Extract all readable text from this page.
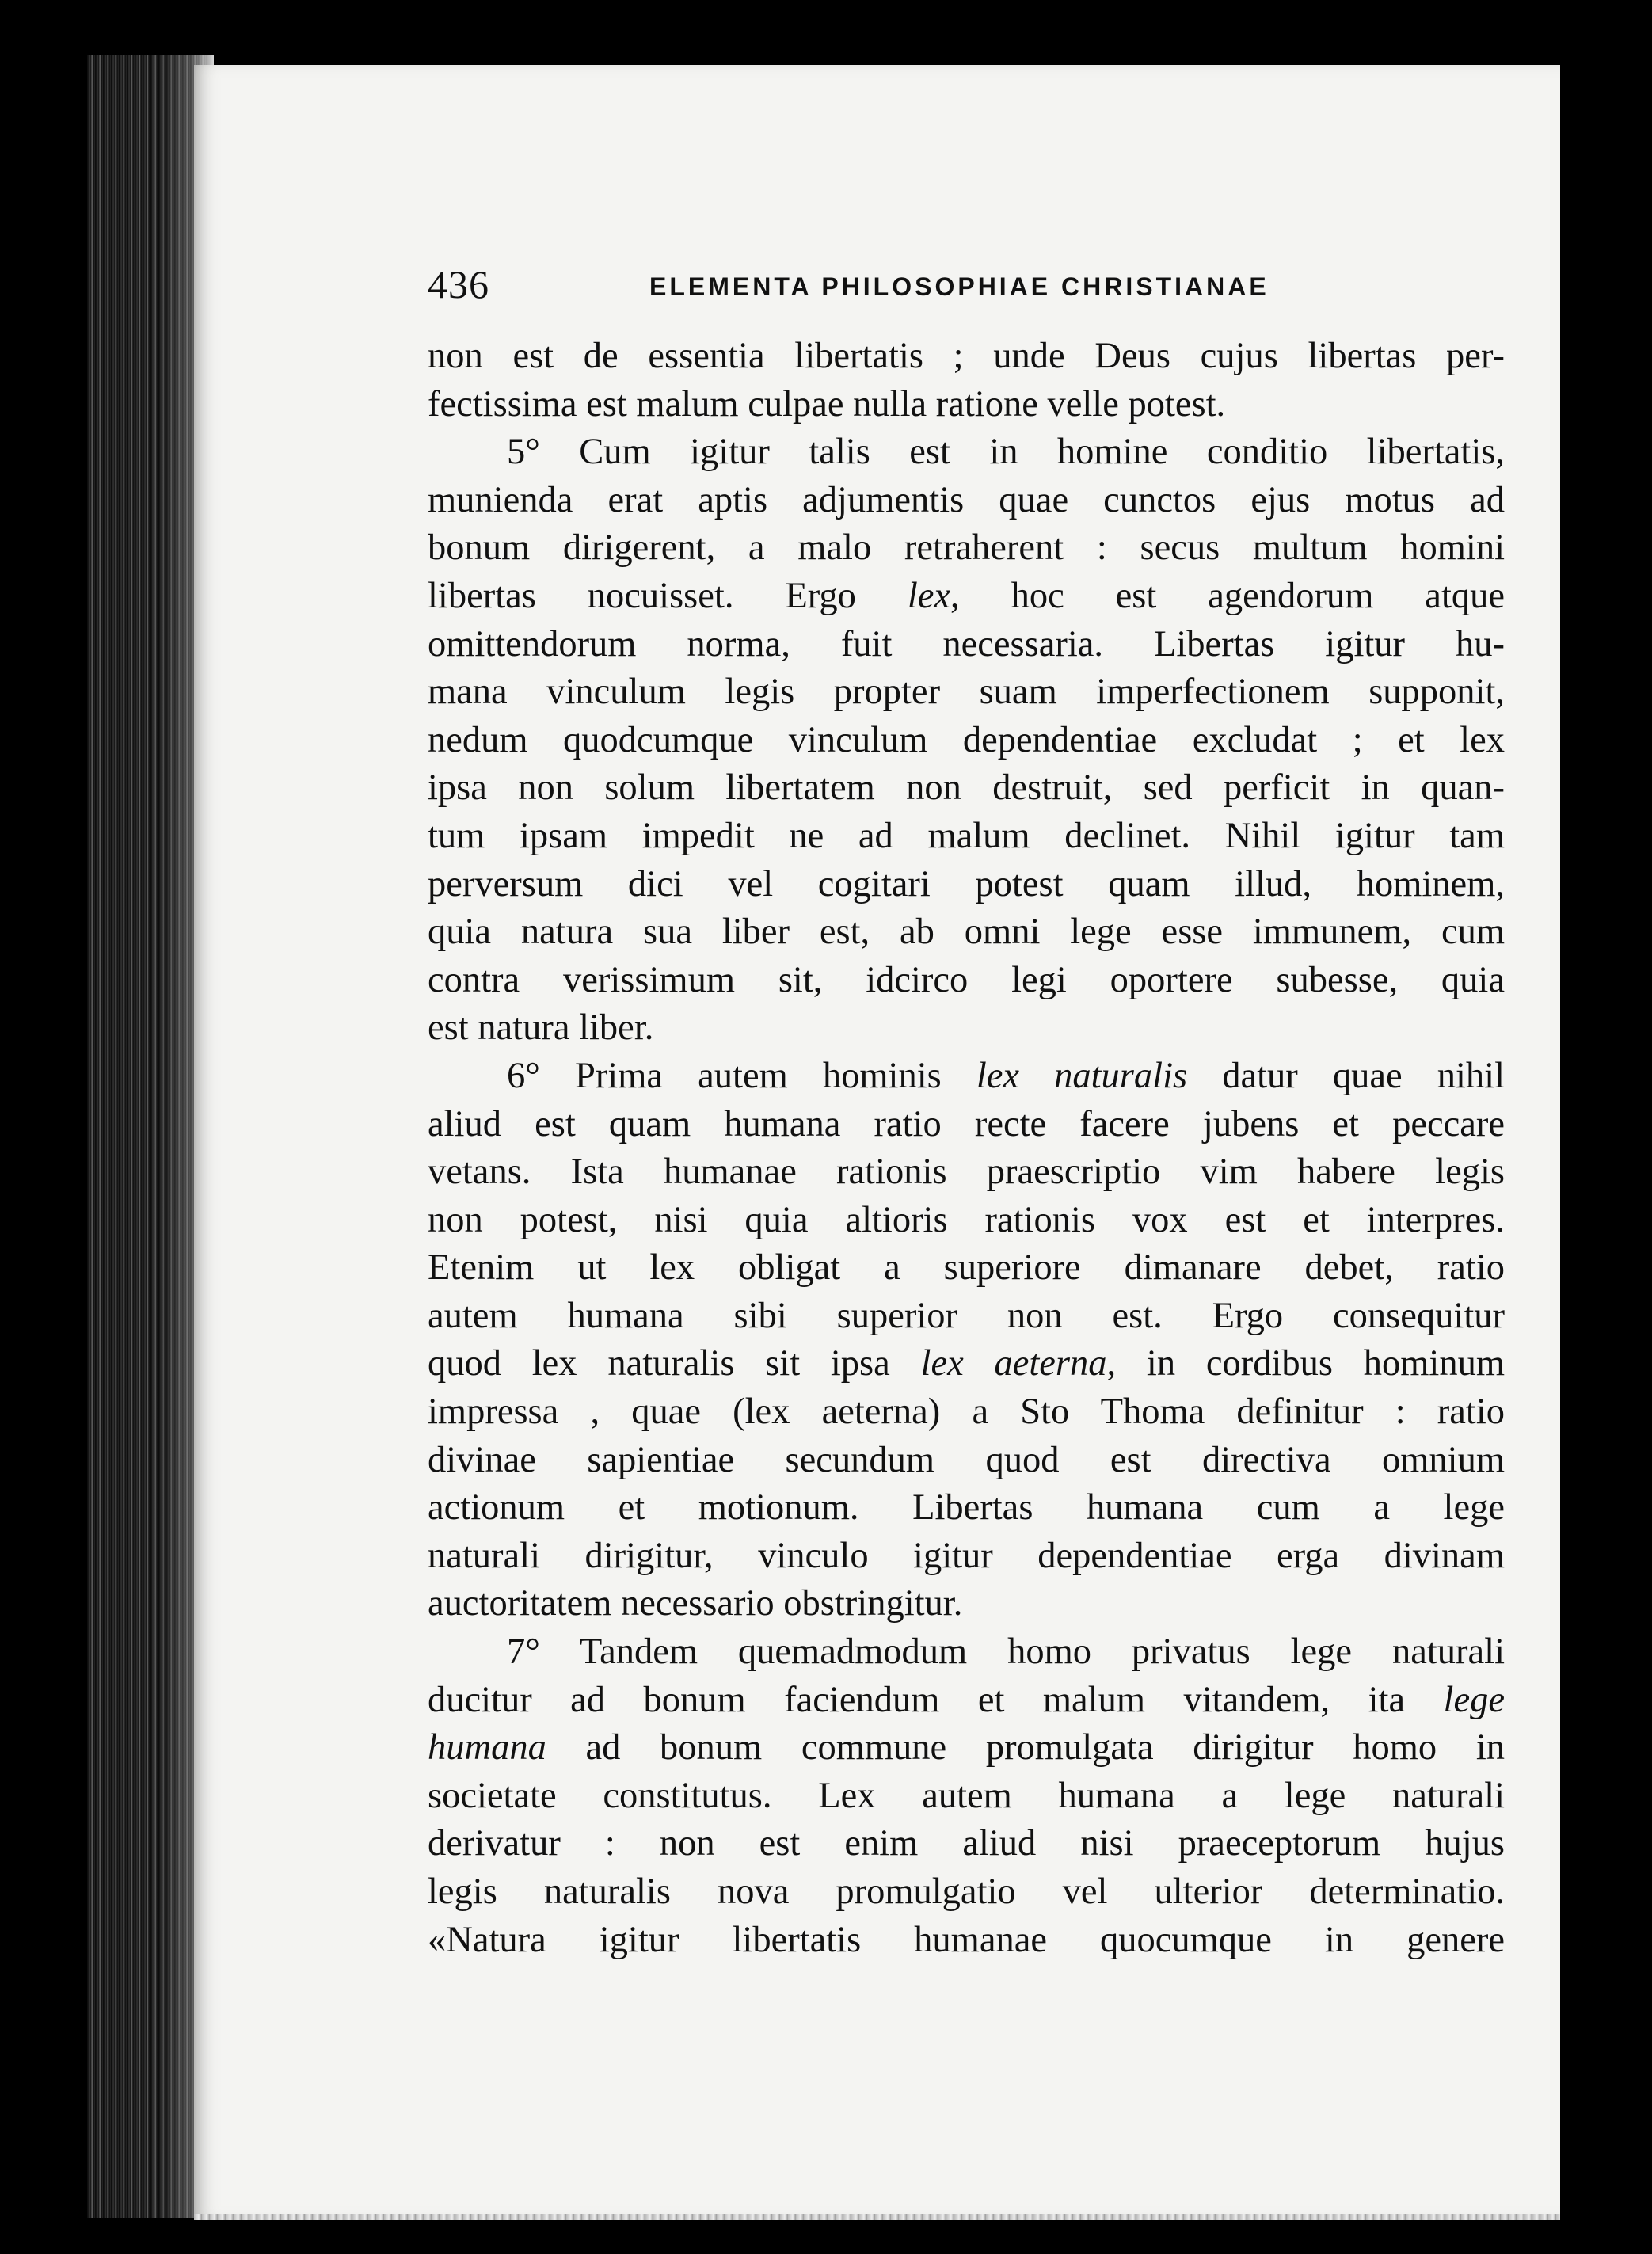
436	ELEMENTA PHILOSOPHIAE CHRISTIANAE
non est de essentia libertatis ; unde Deus cujus libertas per-
fectissima est malum culpae nulla ratione velle potest.
5° Cum igitur talis est in homine conditio libertatis,
munienda erat aptis adjumentis quae cunctos ejus motus ad
bonum dirigerent, a malo retraherent : secus multum homini
libertas nocuisset. Ergo lex, hoc est agendorum atque
omittendorum norma, fuit necessaria. Libertas igitur hu-
mana vinculum legis propter suam imperfectionem supponit,
nedum quodcumque vinculum dependentiae excludat ; et lex
ipsa non solum libertatem non destruit, sed perficit in quan-
tum ipsam impedit ne ad malum declinet. Nihil igitur tam
perversum dici vel cogitari potest quam illud, hominem,
quia natura sua liber est, ab omni lege esse immunem, cum
contra verissimum sit, idcirco legi oportere subesse, quia
est natura liber.
6° Prima autem hominis lex naturalis datur quae nihil
aliud est quam humana ratio recte facere jubens et peccare
vetans. Ista humanae rationis praescriptio vim habere legis
non potest, nisi quia altioris rationis vox est et interpres.
Etenim ut lex obligat a superiore dimanare debet, ratio
autem humana sibi superior non est. Ergo consequitur
quod lex naturalis sit ipsa lex aeterna, in cordibus hominum
impressa , quae (lex aeterna) a Sto Thoma definitur : ratio
divinae sapientiae secundum quod est directiva omnium
actionum et motionum. Libertas humana cum a lege
naturali dirigitur, vinculo igitur dependentiae erga divinam
auctoritatem necessario obstringitur.
7° Tandem quemadmodum homo privatus lege naturali
ducitur ad bonum faciendum et malum vitandem, ita lege
humana ad bonum commune promulgata dirigitur homo in
societate constitutus. Lex autem humana a lege naturali
derivatur : non est enim aliud nisi praeceptorum hujus
legis naturalis nova promulgatio vel ulterior determinatio.
«Natura igitur libertatis humanae quocumque in genere
